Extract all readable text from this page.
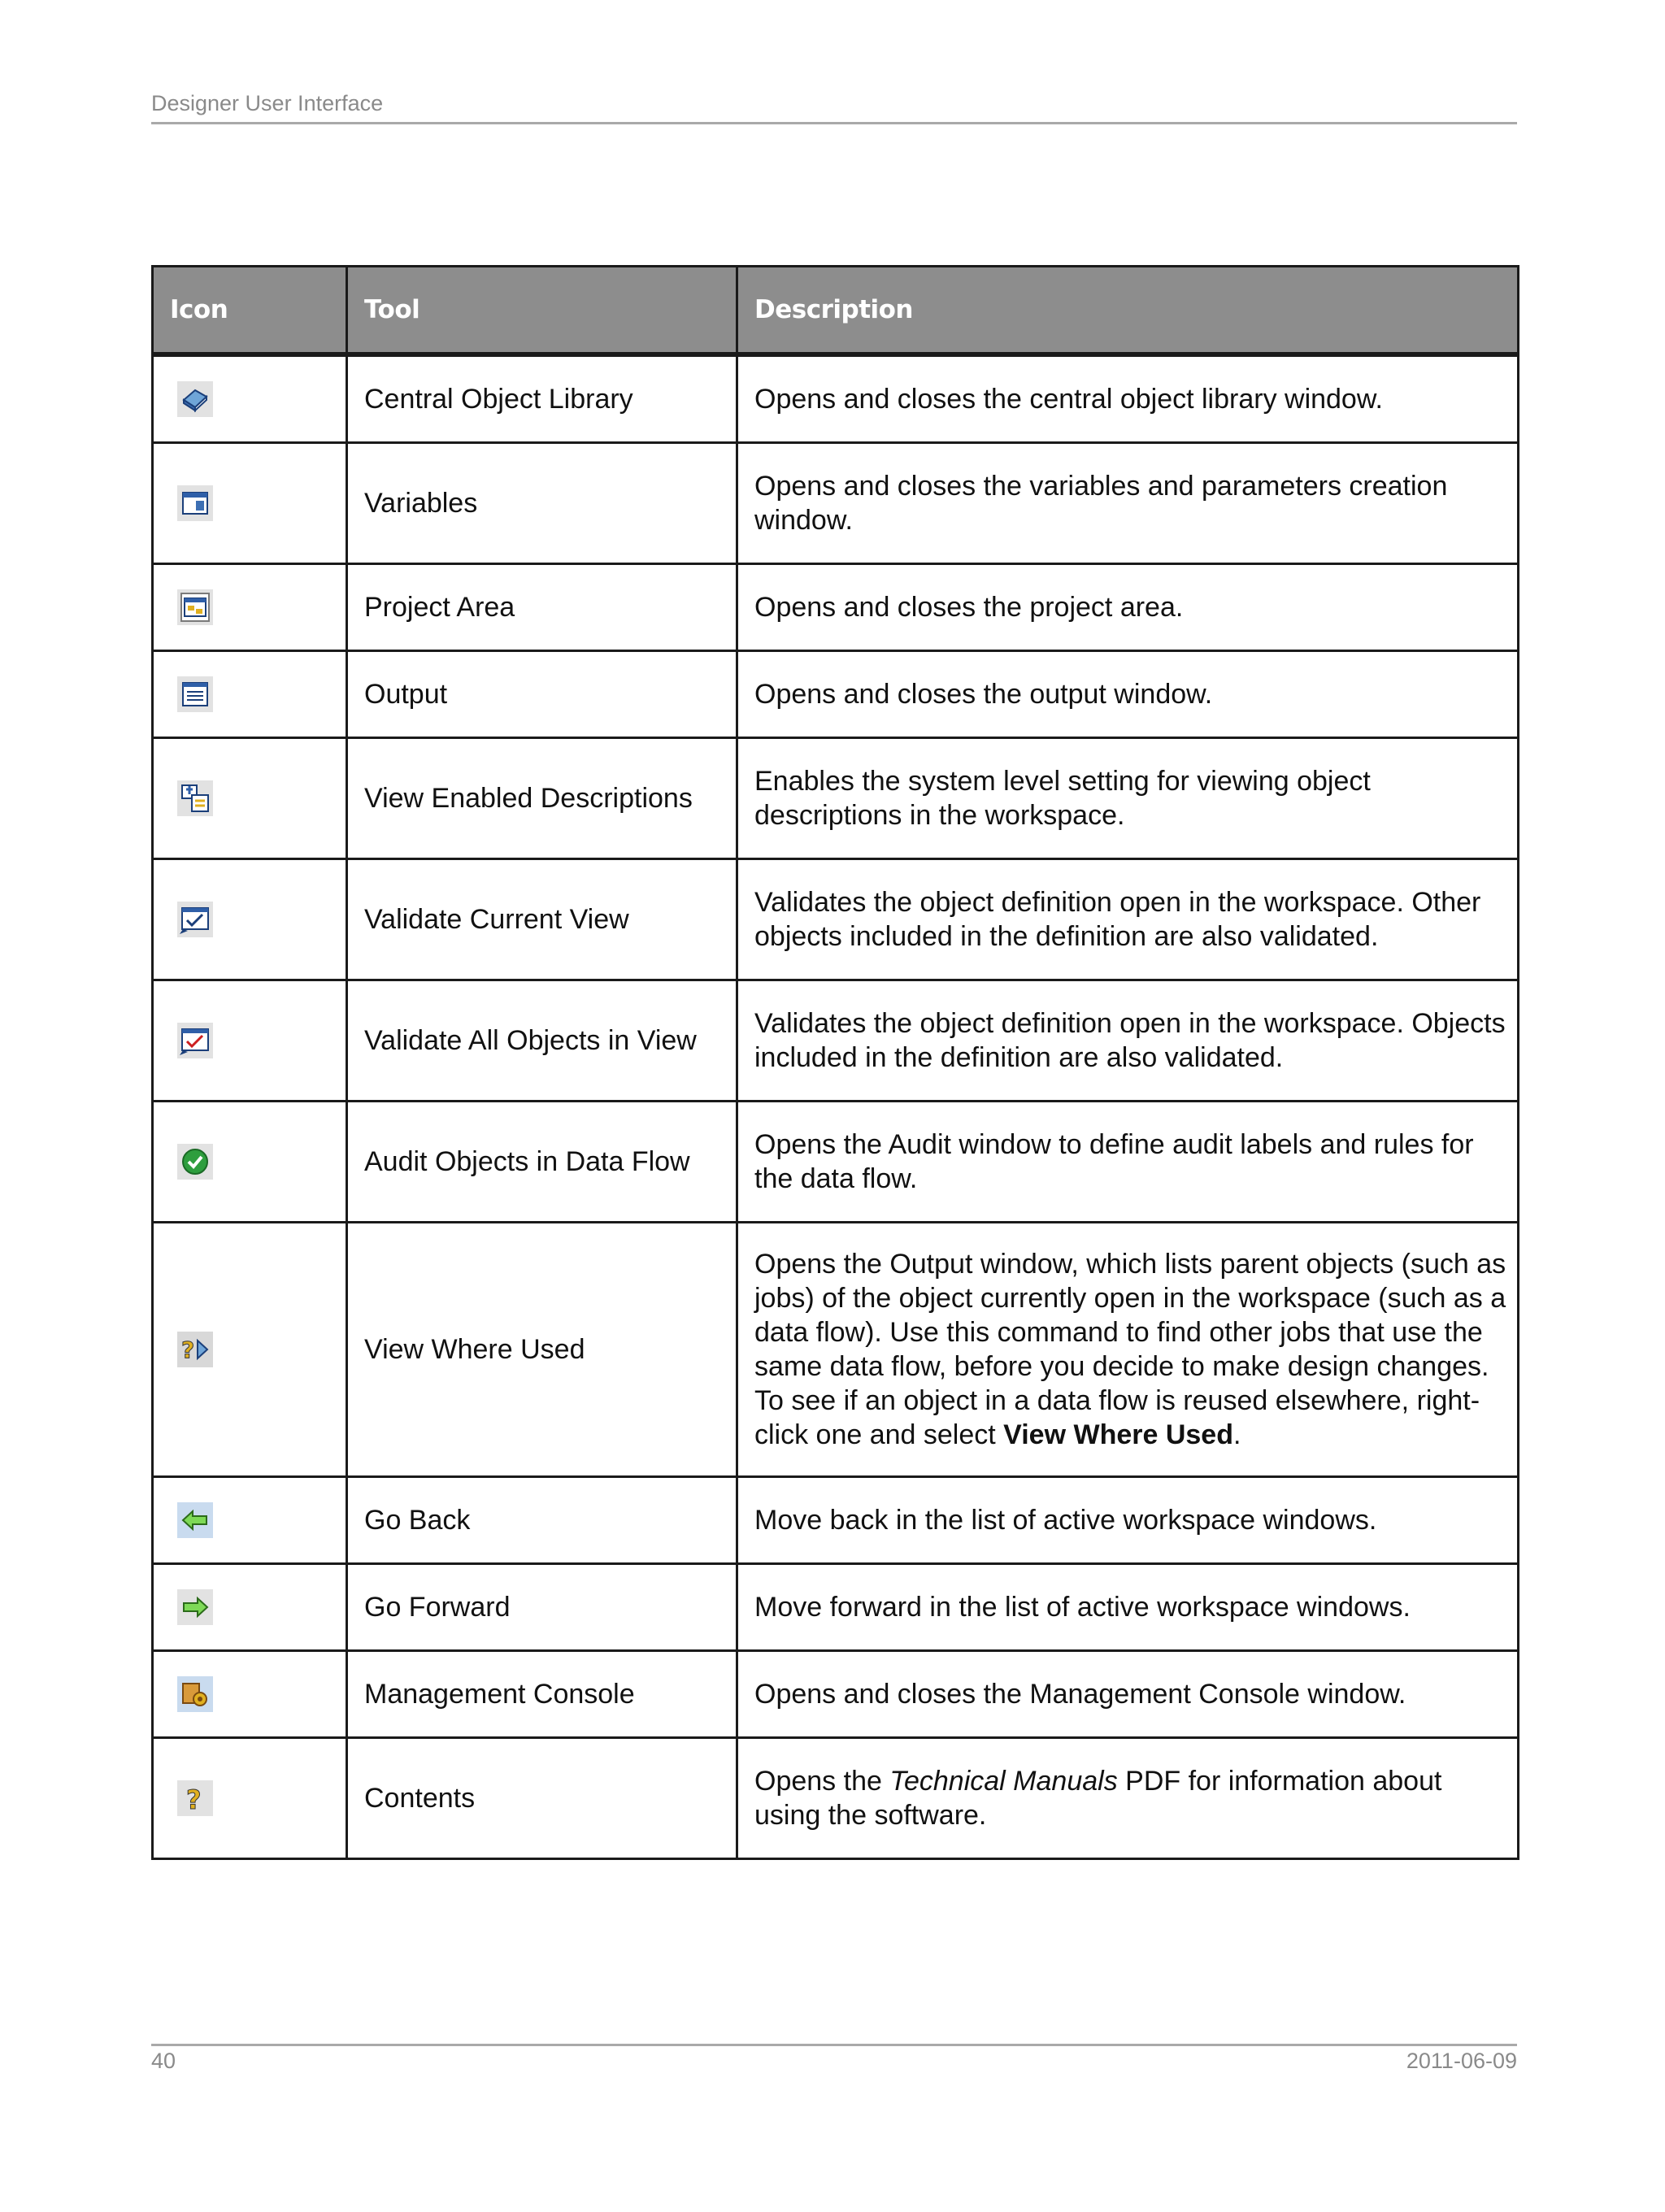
Designer User Interface
Icon	Tool	Description

	Central Object Library	Opens and closes the central object library window.

	Variables	Opens and closes the variables and parameters creation window.

	Project Area	Opens and closes the project area.

	Output	Opens and closes the output window.

	View Enabled Descriptions	Enables the system level setting for viewing object descriptions in the workspace.

	Validate Current View	Validates the object definition open in the workspace. Other objects included in the definition are also validated.

	Validate All Objects in View	Validates the object definition open in the workspace. Objects included in the definition are also validated.

	Audit Objects in Data Flow	Opens the Audit window to define audit labels and rules for the data flow.

?	View Where Used	Opens the Output window, which lists parent objects (such as jobs) of the object currently open in the workspace (such as a data flow). Use this command to find other jobs that use the same data flow, before you decide to make design changes. To see if an object in a data flow is reused elsewhere, right-click one and select View Where Used.

	Go Back	Move back in the list of active workspace windows.

	Go Forward	Move forward in the list of active workspace windows.

	Management Console	Opens and closes the Management Console window.

?	Contents	Opens the Technical Manuals PDF for information about using the software.
40	2011-06-09
